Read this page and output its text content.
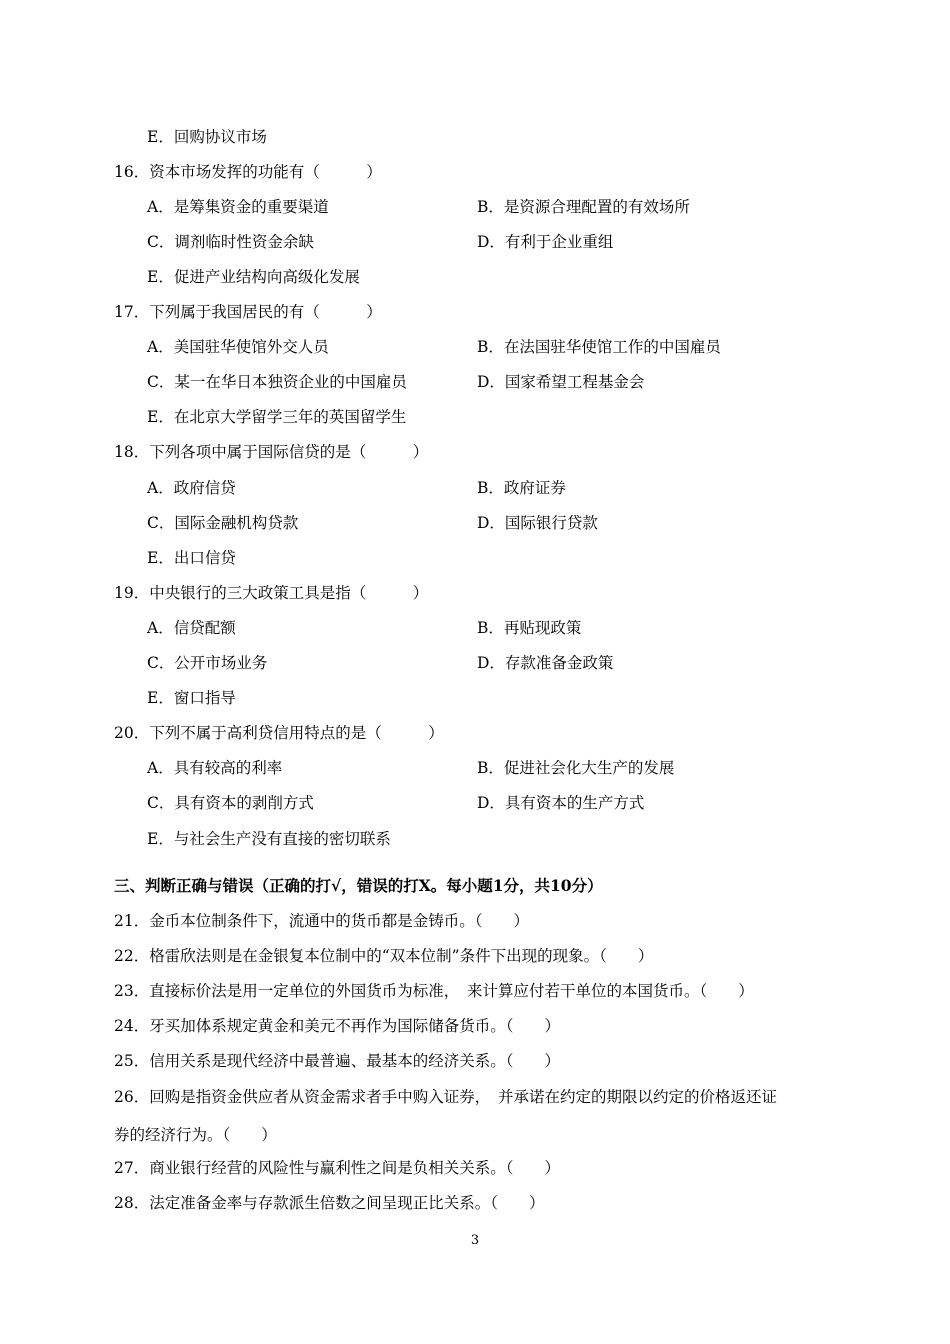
E．回购协议市场
16．资本市场发挥的功能有（　　　）
A．是筹集资金的重要渠道	B．是资源合理配置的有效场所
C．调剂临时性资金余缺	D．有利于企业重组
E．促进产业结构向高级化发展
17．下列属于我国居民的有（　　　）
A．美国驻华使馆外交人员	B．在法国驻华使馆工作的中国雇员
C．某一在华日本独资企业的中国雇员	D．国家希望工程基金会
E．在北京大学留学三年的英国留学生
18．下列各项中属于国际信贷的是（　　　）
A．政府信贷	B．政府证券
C．国际金融机构贷款	D．国际银行贷款
E．出口信贷
19．中央银行的三大政策工具是指（　　　）
A．信贷配额	B．再贴现政策
C．公开市场业务	D．存款准备金政策
E．窗口指导
20．下列不属于高利贷信用特点的是（　　　）
A．具有较高的利率	B．促进社会化大生产的发展
C．具有资本的剥削方式	D．具有资本的生产方式
E．与社会生产没有直接的密切联系
三、判断正确与错误（正确的打√，错误的打X。每小题1分，共10分）
21．金币本位制条件下，流通中的货币都是金铸币。（　　）
22．格雷欣法则是在金银复本位制中的“双本位制”条件下出现的现象。（　　）
23．直接标价法是用一定单位的外国货币为标准，　来计算应付若干单位的本国货币。（　　）
24．牙买加体系规定黄金和美元不再作为国际储备货币。（　　）
25．信用关系是现代经济中最普遍、最基本的经济关系。（　　）
26．回购是指资金供应者从资金需求者手中购入证券，　并承诺在约定的期限以约定的价格返还证
券的经济行为。（　　）
27．商业银行经营的风险性与赢利性之间是负相关关系。（　　）
28．法定准备金率与存款派生倍数之间呈现正比关系。（　　）
3
